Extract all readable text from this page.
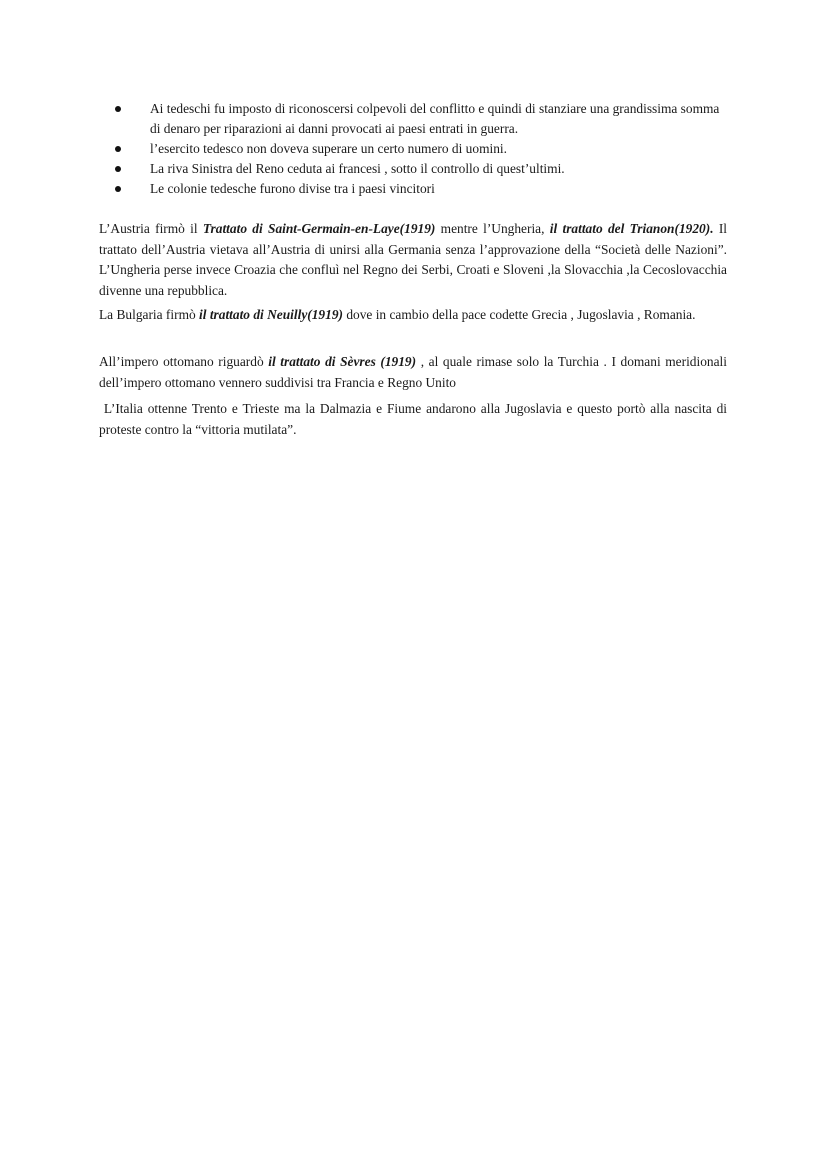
Ai tedeschi fu imposto di riconoscersi colpevoli del conflitto e quindi di stanziare una grandissima somma di denaro per riparazioni ai danni provocati ai paesi entrati in guerra.
l’esercito tedesco non doveva superare un certo numero di uomini.
La riva Sinistra del Reno ceduta ai francesi , sotto il controllo di quest’ultimi.
Le colonie tedesche furono divise tra i paesi vincitori

L’Austria firmò il Trattato di Saint-Germain-en-Laye(1919) mentre l’Ungheria, il trattato del Trianon(1920). Il trattato dell’Austria vietava all’Austria di unirsi alla Germania senza l’approvazione della “Società delle Nazioni”. L’Ungheria perse invece Croazia che confluì nel Regno dei Serbi, Croati e Sloveni ,la Slovacchia ,la Cecoslovacchia divenne una repubblica.

La Bulgaria firmò il trattato di Neuilly(1919) dove in cambio della pace codette Grecia , Jugoslavia , Romania.

All’impero ottomano riguardò il trattato di Sèvres (1919) , al quale rimase solo la Turchia . I domani meridionali dell’impero ottomano vennero suddivisi tra Francia e Regno Unito

L’Italia ottenne Trento e Trieste ma la Dalmazia e Fiume andarono alla Jugoslavia e questo portò alla nascita di proteste contro la “vittoria mutilata”.
